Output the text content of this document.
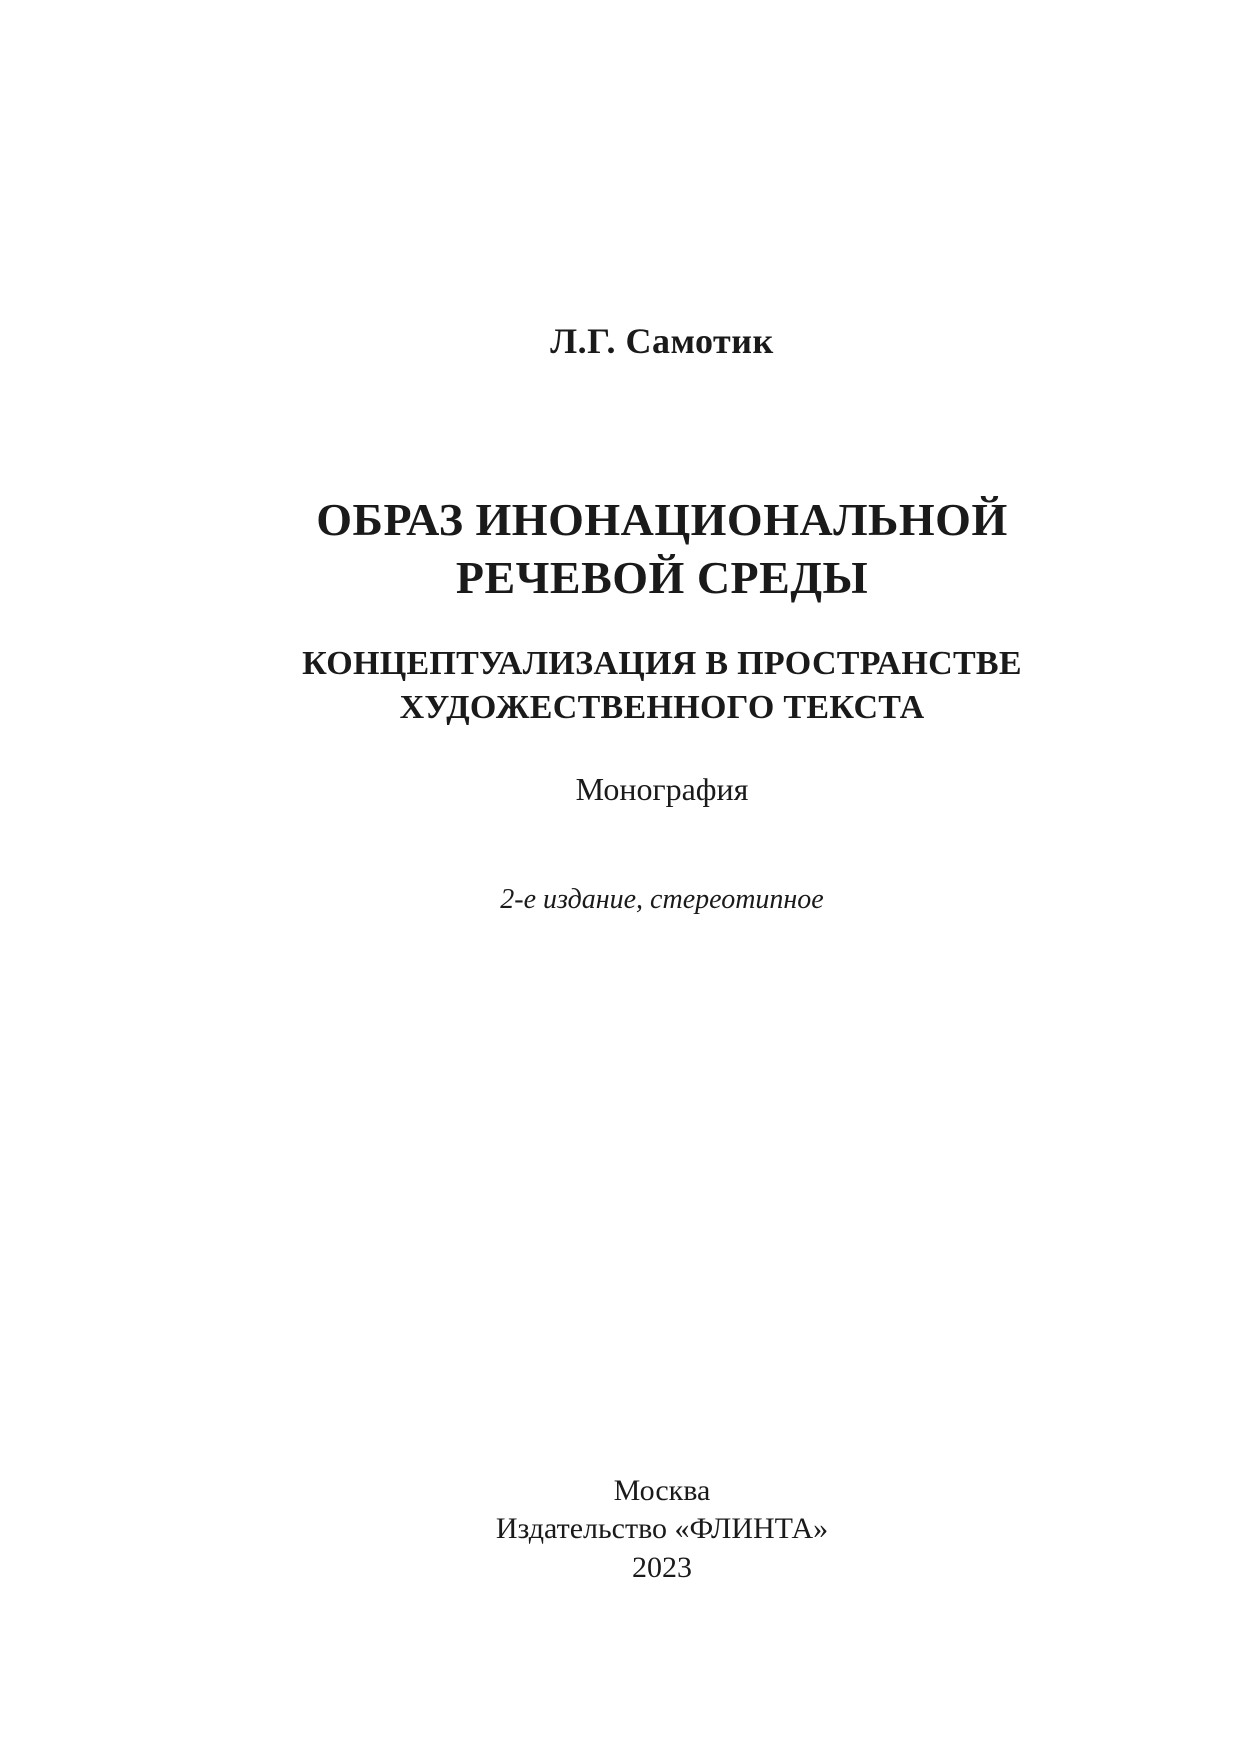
Л.Г. Самотик

ОБРАЗ ИНОНАЦИОНАЛЬНОЙ

РЕЧЕВОЙ СРЕДЫ

КОНЦЕПТУАЛИЗАЦИЯ В ПРОСТРАНСТВЕ

ХУДОЖЕСТВЕННОГО ТЕКСТА

Монография

2-е издание, стереотипное

Москва

Издательство «ФЛИНТА»

2023
